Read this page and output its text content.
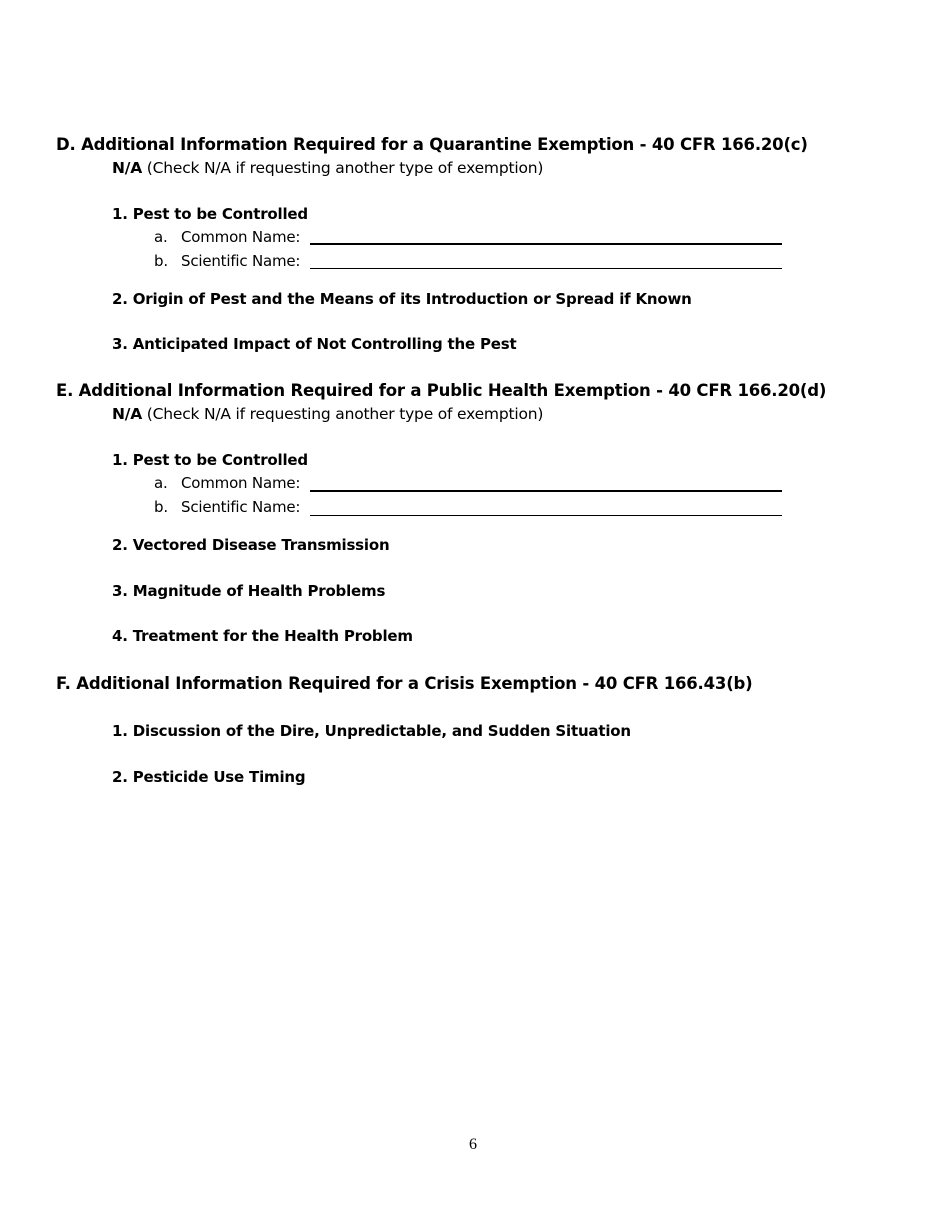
D. Additional Information Required for a Quarantine Exemption - 40 CFR 166.20(c)
N/A (Check N/A if requesting another type of exemption)
1. Pest to be Controlled
a. Common Name:
b. Scientific Name:
2. Origin of Pest and the Means of its Introduction or Spread if Known
3. Anticipated Impact of Not Controlling the Pest
E. Additional Information Required for a Public Health Exemption - 40 CFR 166.20(d)
N/A (Check N/A if requesting another type of exemption)
1. Pest to be Controlled
a. Common Name:
b. Scientific Name:
2. Vectored Disease Transmission
3. Magnitude of Health Problems
4. Treatment for the Health Problem
F. Additional Information Required for a Crisis Exemption - 40 CFR 166.43(b)
1. Discussion of the Dire, Unpredictable, and Sudden Situation
2. Pesticide Use Timing
6
